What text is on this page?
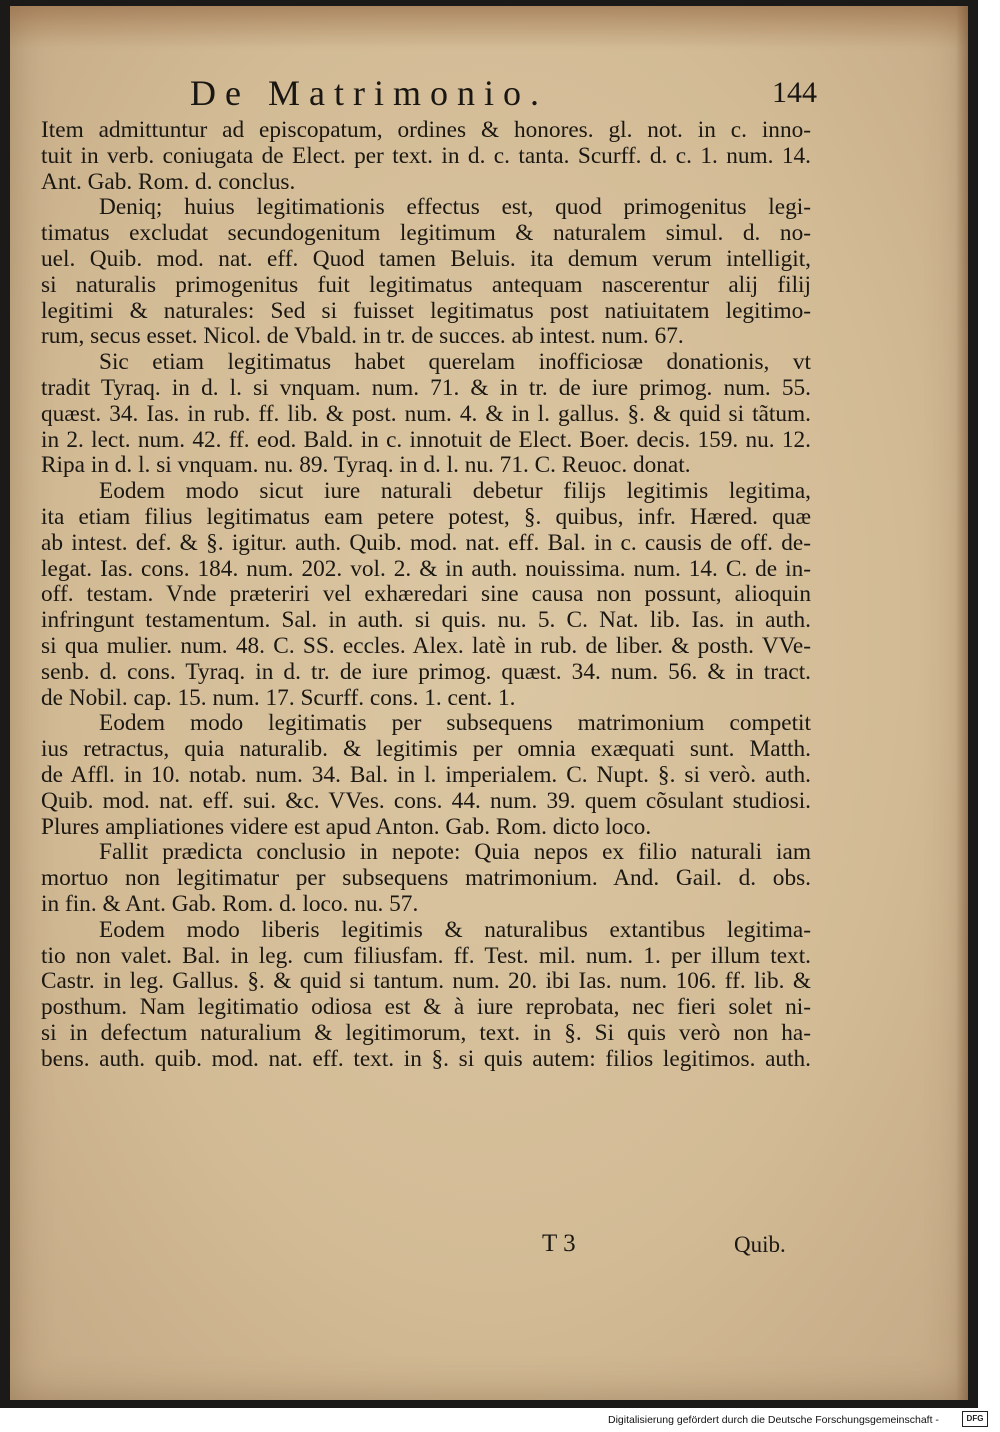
De Matrimonio.	144
Item admittuntur ad episcopatum, ordines & honores. gl. not. in c. inno-
tuit in verb. coniugata de Elect. per text. in d. c. tanta. Scurff. d. c. 1. num. 14.
Ant. Gab. Rom. d. conclus.
Deniq; huius legitimationis effectus est, quod primogenitus legi-
timatus excludat secundogenitum legitimum & naturalem simul. d. no-
uel. Quib. mod. nat. eff. Quod tamen Beluis. ita demum verum intelligit,
si naturalis primogenitus fuit legitimatus antequam nascerentur alij filij
legitimi & naturales: Sed si fuisset legitimatus post natiuitatem legitimo-
rum, secus esset. Nicol. de Vbald. in tr. de succes. ab intest. num. 67.
Sic etiam legitimatus habet querelam inofficiosæ donationis, vt
tradit Tyraq. in d. l. si vnquam. num. 71. & in tr. de iure primog. num. 55.
quæst. 34. Ias. in rub. ff. lib. & post. num. 4. & in l. gallus. §. & quid si tãtum.
in 2. lect. num. 42. ff. eod. Bald. in c. innotuit de Elect. Boer. decis. 159. nu. 12.
Ripa in d. l. si vnquam. nu. 89. Tyraq. in d. l. nu. 71. C. Reuoc. donat.
Eodem modo sicut iure naturali debetur filijs legitimis legitima,
ita etiam filius legitimatus eam petere potest, §. quibus, infr. Hæred. quæ
ab intest. def. & §. igitur. auth. Quib. mod. nat. eff. Bal. in c. causis de off. de-
legat. Ias. cons. 184. num. 202. vol. 2. & in auth. nouissima. num. 14. C. de in-
off. testam. Vnde præteriri vel exhæredari sine causa non possunt, alioquin
infringunt testamentum. Sal. in auth. si quis. nu. 5. C. Nat. lib. Ias. in auth.
si qua mulier. num. 48. C. SS. eccles. Alex. latè in rub. de liber. & posth. VVe-
senb. d. cons. Tyraq. in d. tr. de iure primog. quæst. 34. num. 56. & in tract.
de Nobil. cap. 15. num. 17. Scurff. cons. 1. cent. 1.
Eodem modo legitimatis per subsequens matrimonium competit
ius retractus, quia naturalib. & legitimis per omnia exæquati sunt. Matth.
de Affl. in 10. notab. num. 34. Bal. in l. imperialem. C. Nupt. §. si verò. auth.
Quib. mod. nat. eff. sui. &c. VVes. cons. 44. num. 39. quem cõsulant studiosi.
Plures ampliationes videre est apud Anton. Gab. Rom. dicto loco.
Fallit prædicta conclusio in nepote: Quia nepos ex filio naturali iam
mortuo non legitimatur per subsequens matrimonium. And. Gail. d. obs.
in fin. & Ant. Gab. Rom. d. loco. nu. 57.
Eodem modo liberis legitimis & naturalibus extantibus legitima-
tio non valet. Bal. in leg. cum filiusfam. ff. Test. mil. num. 1. per illum text.
Castr. in leg. Gallus. §. & quid si tantum. num. 20. ibi Ias. num. 106. ff. lib. &
posthum. Nam legitimatio odiosa est & à iure reprobata, nec fieri solet ni-
si in defectum naturalium & legitimorum, text. in §. Si quis verò non ha-
bens. auth. quib. mod. nat. eff. text. in §. si quis autem: filios legitimos. auth.
T 3	Quib.
Digitalisierung gefördert durch die Deutsche Forschungsgemeinschaft -	DFG
